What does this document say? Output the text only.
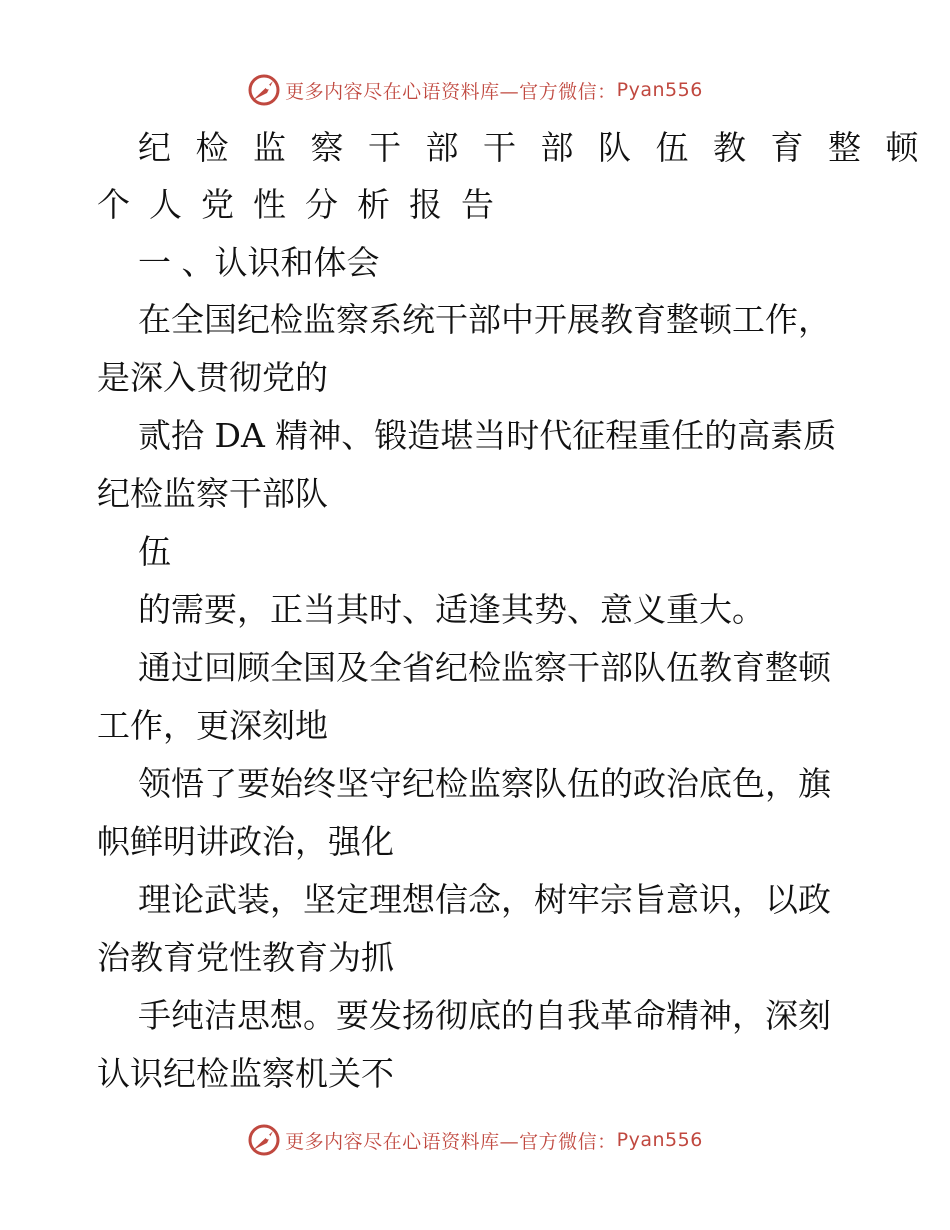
更多内容尽在心语资料库—官方微信： Pyan556

纪检监察干部干部队伍教育整顿

个人党性分析报告

一 、认识和体会

在全国纪检监察系统干部中开展教育整顿工作，

是深入贯彻党的

贰拾 DA 精神、锻造堪当时代征程重任的高素质

纪检监察干部队

伍

的需要，正当其时、适逢其势、意义重大。

通过回顾全国及全省纪检监察干部队伍教育整顿

工作，更深刻地

领悟了要始终坚守纪检监察队伍的政治底色，旗

帜鲜明讲政治，强化

理论武装，坚定理想信念，树牢宗旨意识，以政

治教育党性教育为抓

手纯洁思想。要发扬彻底的自我革命精神，深刻

认识纪检监察机关不

更多内容尽在心语资料库—官方微信： Pyan556
